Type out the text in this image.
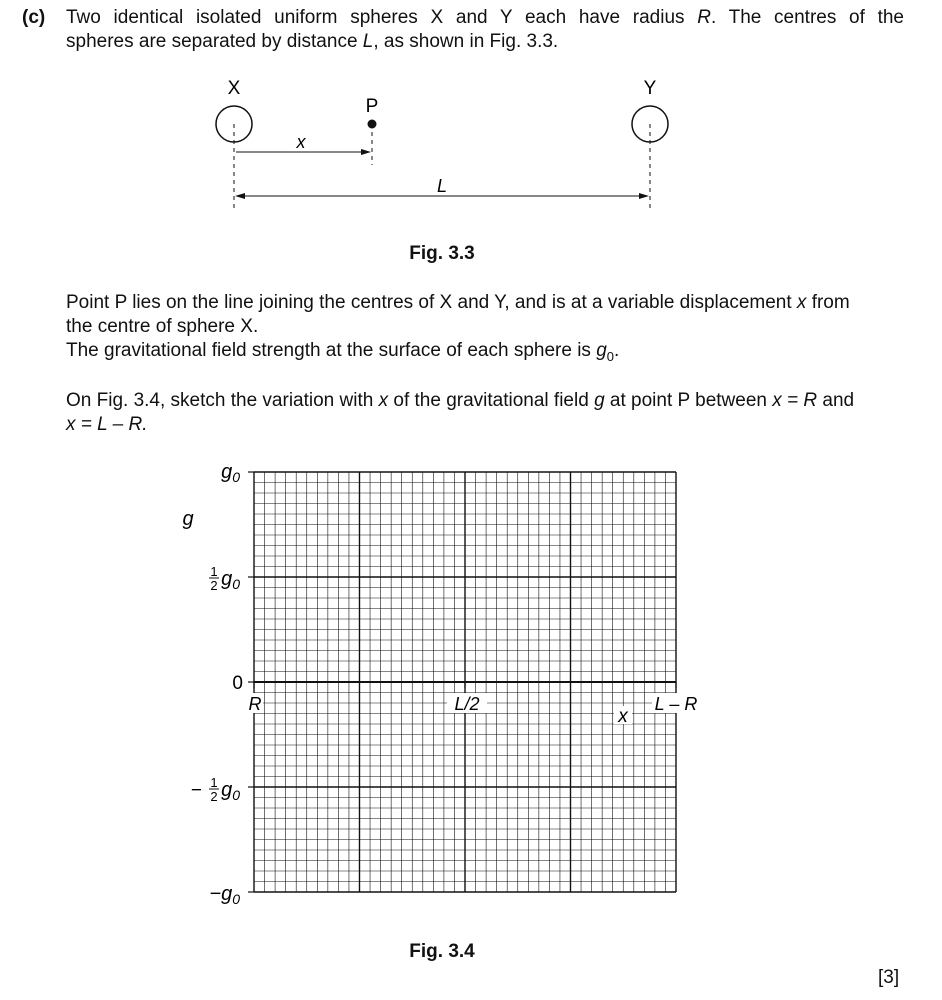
(c)	Two identical isolated uniform spheres X and Y each have radius R. The centres of the
spheres are separated by distance L, as shown in Fig. 3.3.
X	Y
P
x
L
Fig. 3.3
Point P lies on the line joining the centres of X and Y, and is at a variable displacement x from
the centre of sphere X.
The gravitational field strength at the surface of each sphere is $g_0$.
On Fig. 3.4, sketch the variation with x of the gravitational field g at point P between x = R and
x = L – R.
g
$g_0$
1
2 $g_0$
0
− 1
2 $g_0$
$-g_0$
R	L/2	L – R
x
Fig. 3.4
[3]
